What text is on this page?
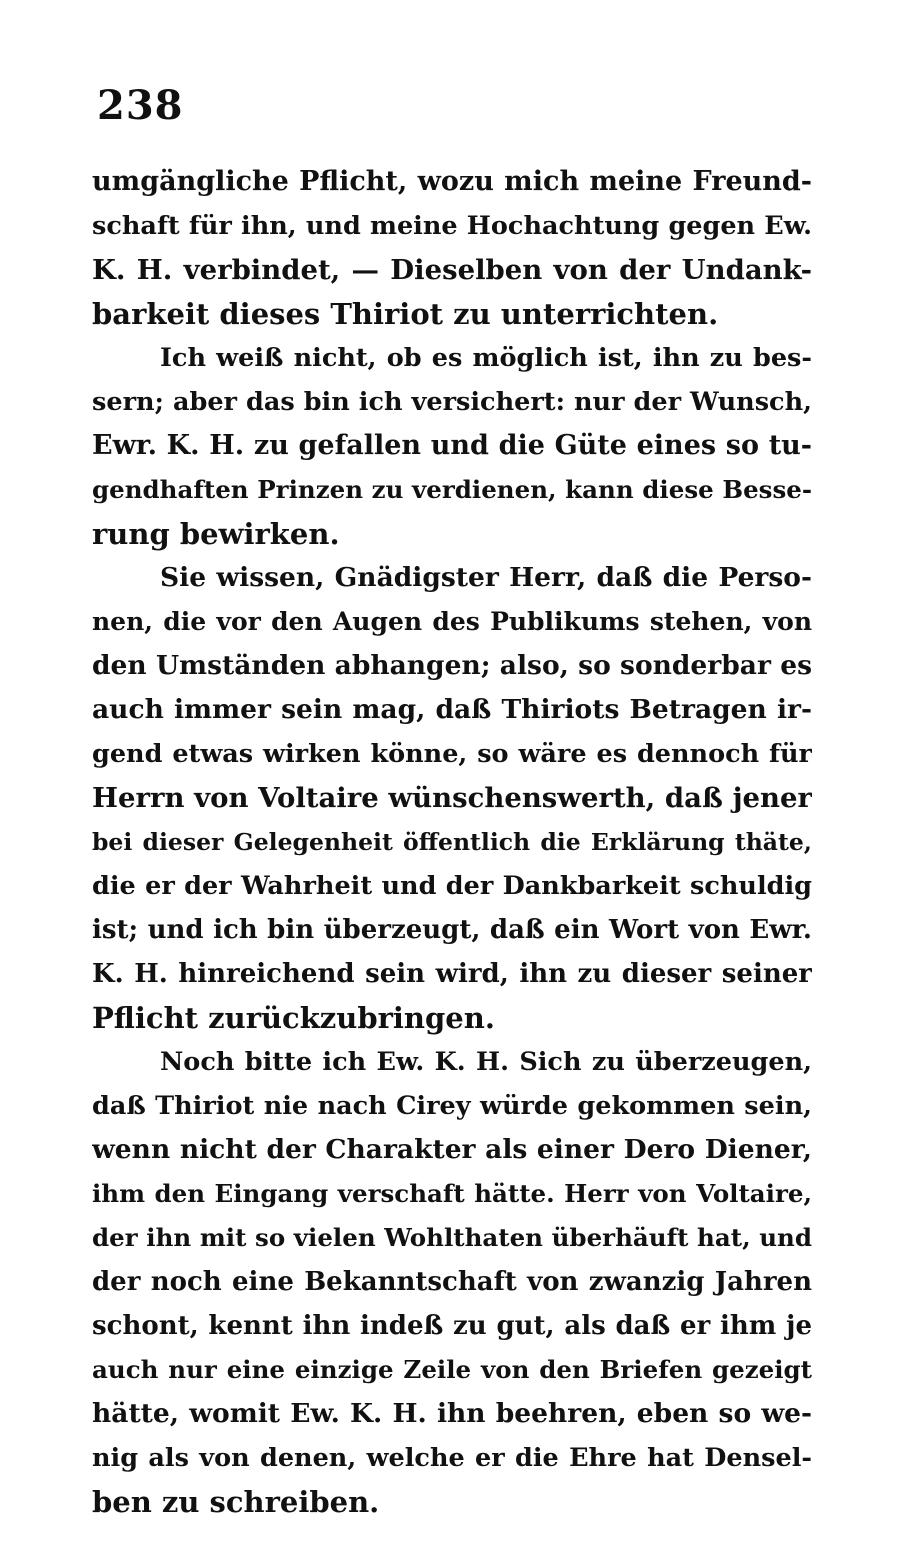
238
umgängliche Pflicht, wozu mich meine Freund-
schaft für ihn, und meine Hochachtung gegen Ew.
K. H. verbindet, — Dieselben von der Undank-
barkeit dieses Thiriot zu unterrichten.
Ich weiß nicht, ob es möglich ist, ihn zu bes-
sern; aber das bin ich versichert: nur der Wunsch,
Ewr. K. H. zu gefallen und die Güte eines so tu-
gendhaften Prinzen zu verdienen, kann diese Besse-
rung bewirken.
Sie wissen, Gnädigster Herr, daß die Perso-
nen, die vor den Augen des Publikums stehen, von
den Umständen abhangen; also, so sonderbar es
auch immer sein mag, daß Thiriots Betragen ir-
gend etwas wirken könne, so wäre es dennoch für
Herrn von Voltaire wünschenswerth, daß jener
bei dieser Gelegenheit öffentlich die Erklärung thäte,
die er der Wahrheit und der Dankbarkeit schuldig
ist; und ich bin überzeugt, daß ein Wort von Ewr.
K. H. hinreichend sein wird, ihn zu dieser seiner
Pflicht zurückzubringen.
Noch bitte ich Ew. K. H. Sich zu überzeugen,
daß Thiriot nie nach Cirey würde gekommen sein,
wenn nicht der Charakter als einer Dero Diener,
ihm den Eingang verschaft hätte. Herr von Voltaire,
der ihn mit so vielen Wohlthaten überhäuft hat, und
der noch eine Bekanntschaft von zwanzig Jahren
schont, kennt ihn indeß zu gut, als daß er ihm je
auch nur eine einzige Zeile von den Briefen gezeigt
hätte, womit Ew. K. H. ihn beehren, eben so we-
nig als von denen, welche er die Ehre hat Densel-
ben zu schreiben.
